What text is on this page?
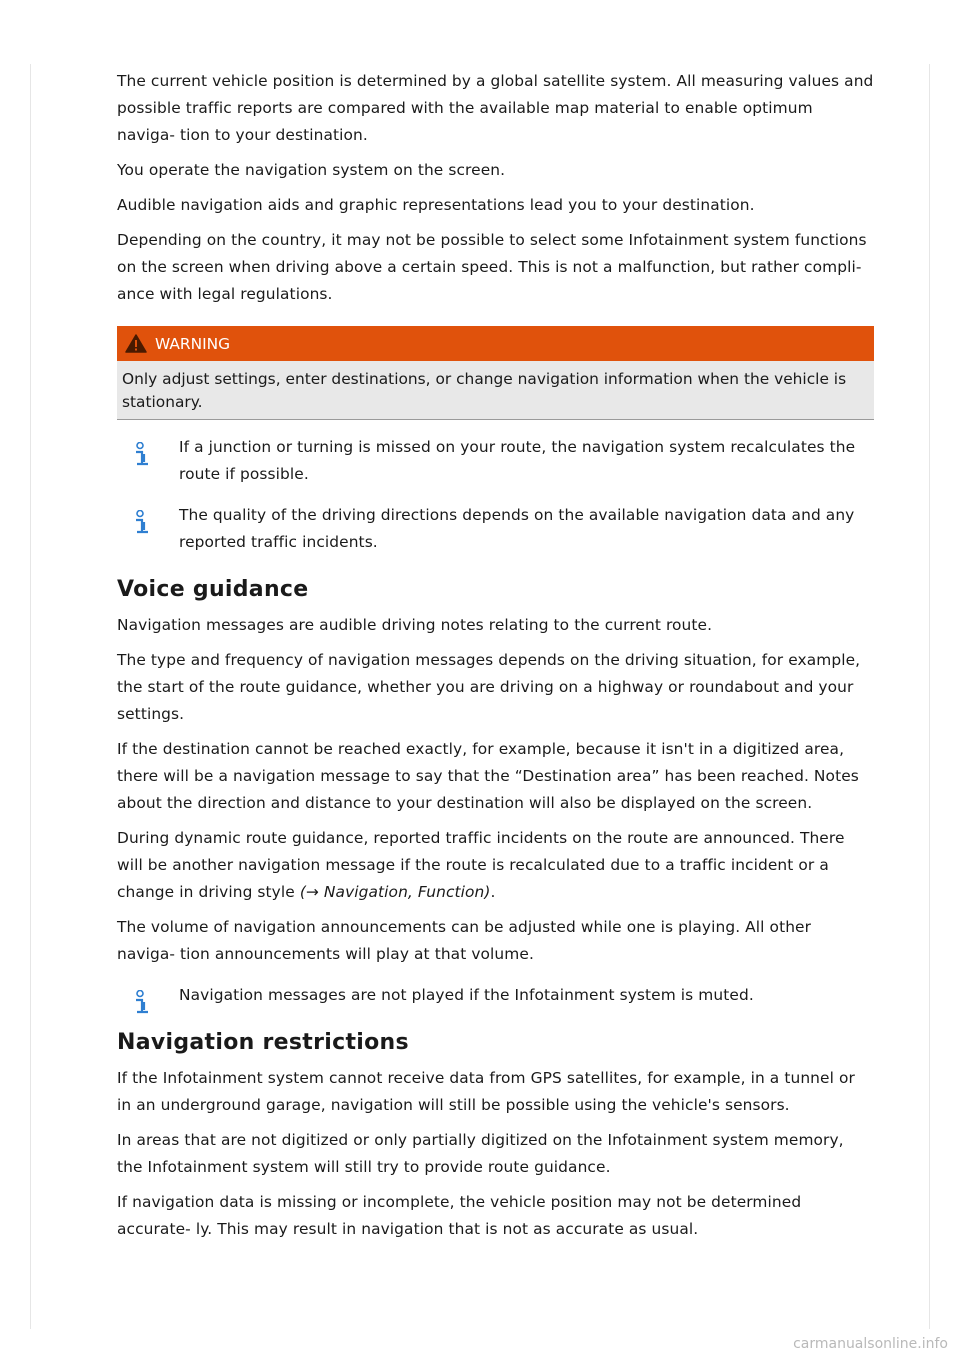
The current vehicle position is determined by a global satellite system. All measuring values and possible traffic reports are compared with the available map material to enable optimum naviga- tion to your destination.

You operate the navigation system on the screen.

Audible navigation aids and graphic representations lead you to your destination.

Depending on the country, it may not be possible to select some Infotainment system functions on the screen when driving above a certain speed. This is not a malfunction, but rather compli- ance with legal regulations.

WARNING
Only adjust settings, enter destinations, or change navigation information when the vehicle is stationary.

If a junction or turning is missed on your route, the navigation system recalculates the route if possible.

The quality of the driving directions depends on the available navigation data and any reported traffic incidents.

Voice guidance

Navigation messages are audible driving notes relating to the current route.

The type and frequency of navigation messages depends on the driving situation, for example, the start of the route guidance, whether you are driving on a highway or roundabout and your settings.

If the destination cannot be reached exactly, for example, because it isn't in a digitized area, there will be a navigation message to say that the “Destination area” has been reached. Notes about the direction and distance to your destination will also be displayed on the screen.

During dynamic route guidance, reported traffic incidents on the route are announced. There will be another navigation message if the route is recalculated due to a traffic incident or a change in driving style (→ Navigation, Function).

The volume of navigation announcements can be adjusted while one is playing. All other naviga- tion announcements will play at that volume.

Navigation messages are not played if the Infotainment system is muted.

Navigation restrictions

If the Infotainment system cannot receive data from GPS satellites, for example, in a tunnel or in an underground garage, navigation will still be possible using the vehicle's sensors.

In areas that are not digitized or only partially digitized on the Infotainment system memory, the Infotainment system will still try to provide route guidance.

If navigation data is missing or incomplete, the vehicle position may not be determined accurate- ly. This may result in navigation that is not as accurate as usual.

carmanualsonline.info
